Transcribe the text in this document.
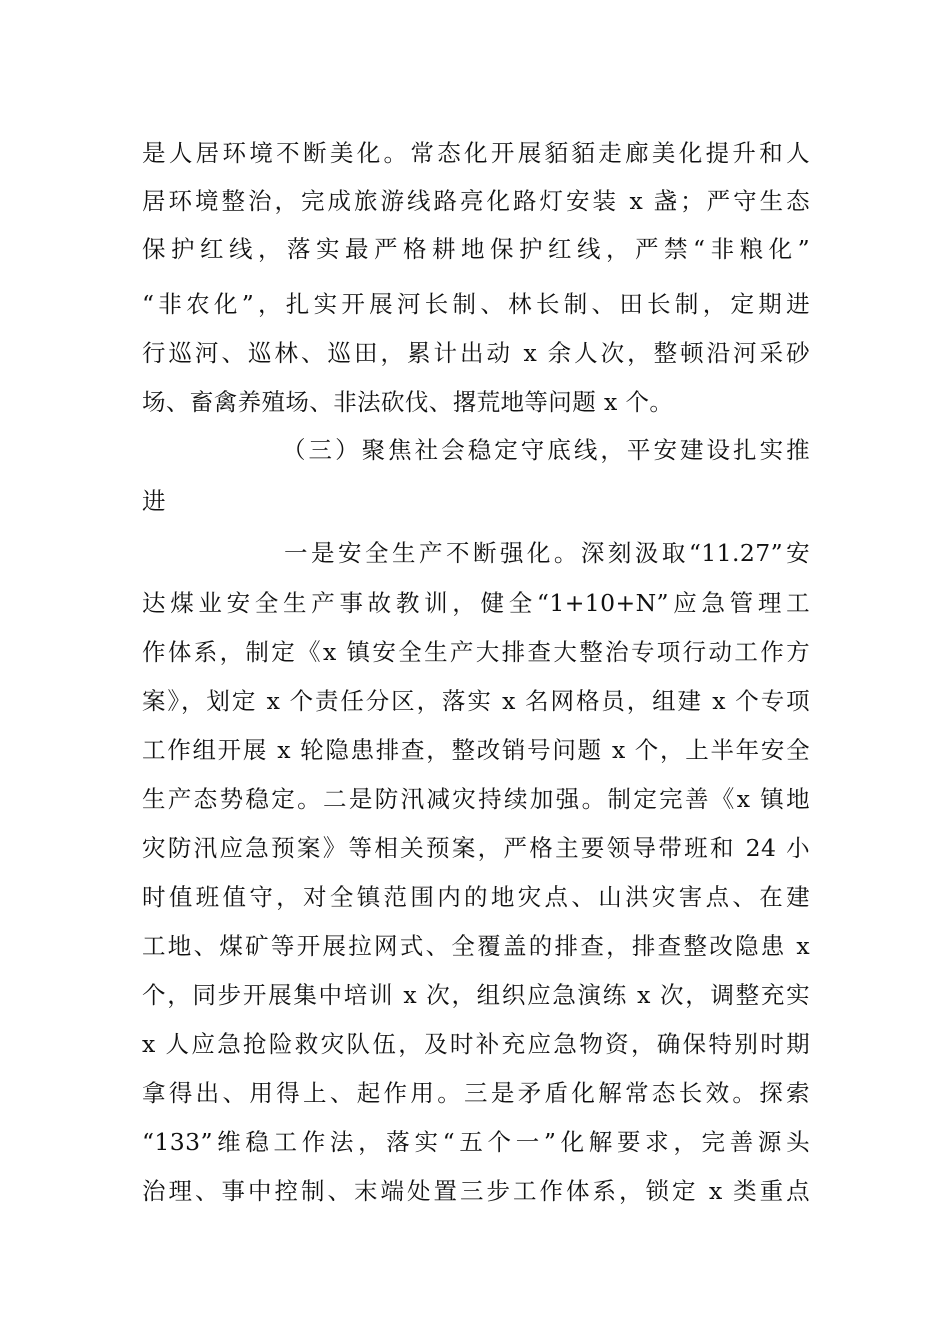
是人居环境不断美化。常态化开展貊貊走廊美化提升和人
居环境整治，完成旅游线路亮化路灯安装 x 盏；严守生态
保护红线，落实最严格耕地保护红线，严禁“非粮化”
“非农化”，扎实开展河长制、林长制、田长制，定期进
行巡河、巡林、巡田，累计出动 x 余人次，整顿沿河采砂
场、畜禽养殖场、非法砍伐、撂荒地等问题 x 个。
（三）聚焦社会稳定守底线，平安建设扎实推
进
一是安全生产不断强化。深刻汲取“11.27”安
达煤业安全生产事故教训，健全“1+10+N”应急管理工
作体系，制定《x 镇安全生产大排查大整治专项行动工作方
案》，划定 x 个责任分区，落实 x 名网格员，组建 x 个专项
工作组开展 x 轮隐患排查，整改销号问题 x 个，上半年安全
生产态势稳定。二是防汛减灾持续加强。制定完善《x 镇地
灾防汛应急预案》等相关预案，严格主要领导带班和 24 小
时值班值守，对全镇范围内的地灾点、山洪灾害点、在建
工地、煤矿等开展拉网式、全覆盖的排查，排查整改隐患 x
个，同步开展集中培训 x 次，组织应急演练 x 次，调整充实
x 人应急抢险救灾队伍，及时补充应急物资，确保特别时期
拿得出、用得上、起作用。三是矛盾化解常态长效。探索
“133”维稳工作法，落实“五个一”化解要求，完善源头
治理、事中控制、末端处置三步工作体系，锁定 x 类重点
